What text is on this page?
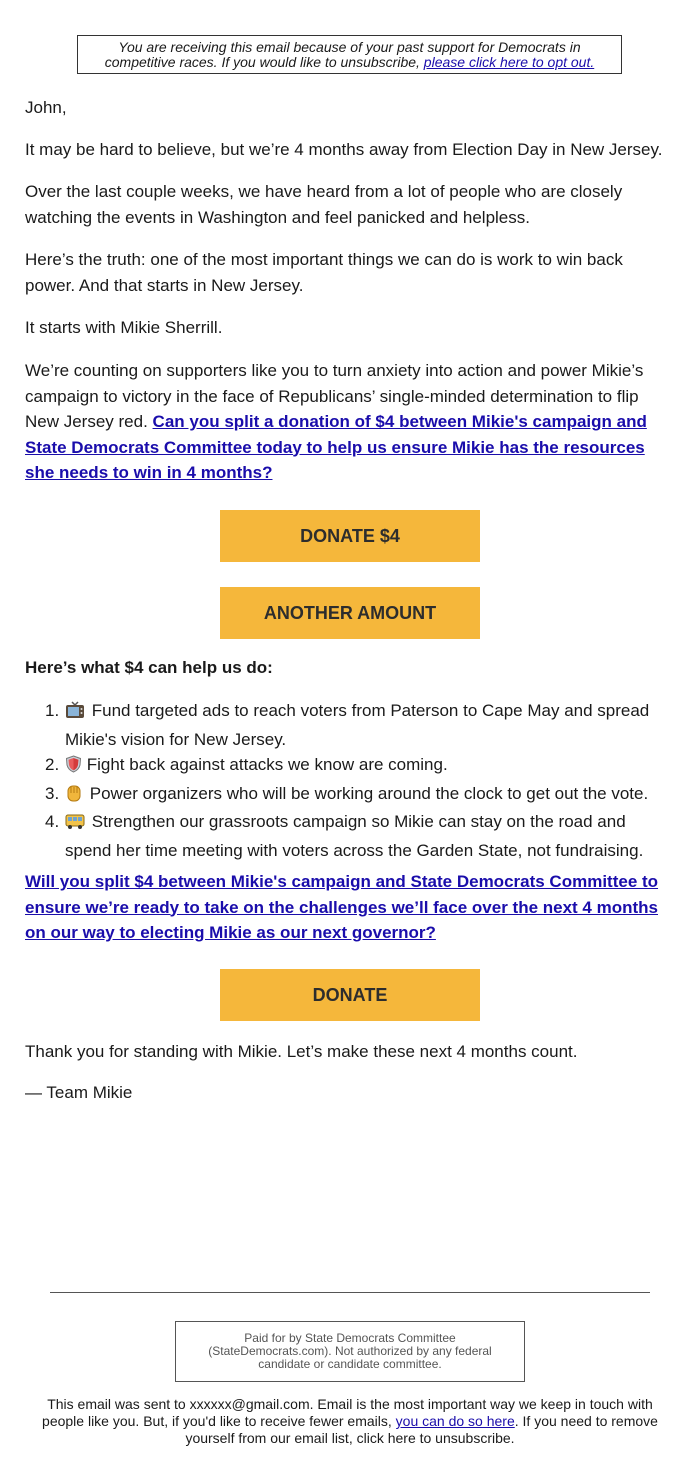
You are receiving this email because of your past support for Democrats in competitive races. If you would like to unsubscribe, please click here to opt out.

John,

It may be hard to believe, but we’re 4 months away from Election Day in New Jersey.

Over the last couple weeks, we have heard from a lot of people who are closely watching the events in Washington and feel panicked and helpless.

Here’s the truth: one of the most important things we can do is work to win back power. And that starts in New Jersey.

It starts with Mikie Sherrill.

We’re counting on supporters like you to turn anxiety into action and power Mikie’s campaign to victory in the face of Republicans’ single-minded determination to flip New Jersey red. Can you split a donation of $4 between Mikie's campaign and State Democrats Committee today to help us ensure Mikie has the resources she needs to win in 4 months?

DONATE $4
ANOTHER AMOUNT

Here’s what $4 can help us do:

1. Fund targeted ads to reach voters from Paterson to Cape May and spread Mikie's vision for New Jersey.
2. Fight back against attacks we know are coming.
3. Power organizers who will be working around the clock to get out the vote.
4. Strengthen our grassroots campaign so Mikie can stay on the road and spend her time meeting with voters across the Garden State, not fundraising.

Will you split $4 between Mikie's campaign and State Democrats Committee to ensure we’re ready to take on the challenges we’ll face over the next 4 months on our way to electing Mikie as our next governor?

DONATE

Thank you for standing with Mikie. Let’s make these next 4 months count.

— Team Mikie

Paid for by State Democrats Committee (StateDemocrats.com). Not authorized by any federal candidate or candidate committee.
This email was sent to xxxxxx@gmail.com. Email is the most important way we keep in touch with people like you. But, if you'd like to receive fewer emails, you can do so here. If you need to remove yourself from our email list, click here to unsubscribe.
